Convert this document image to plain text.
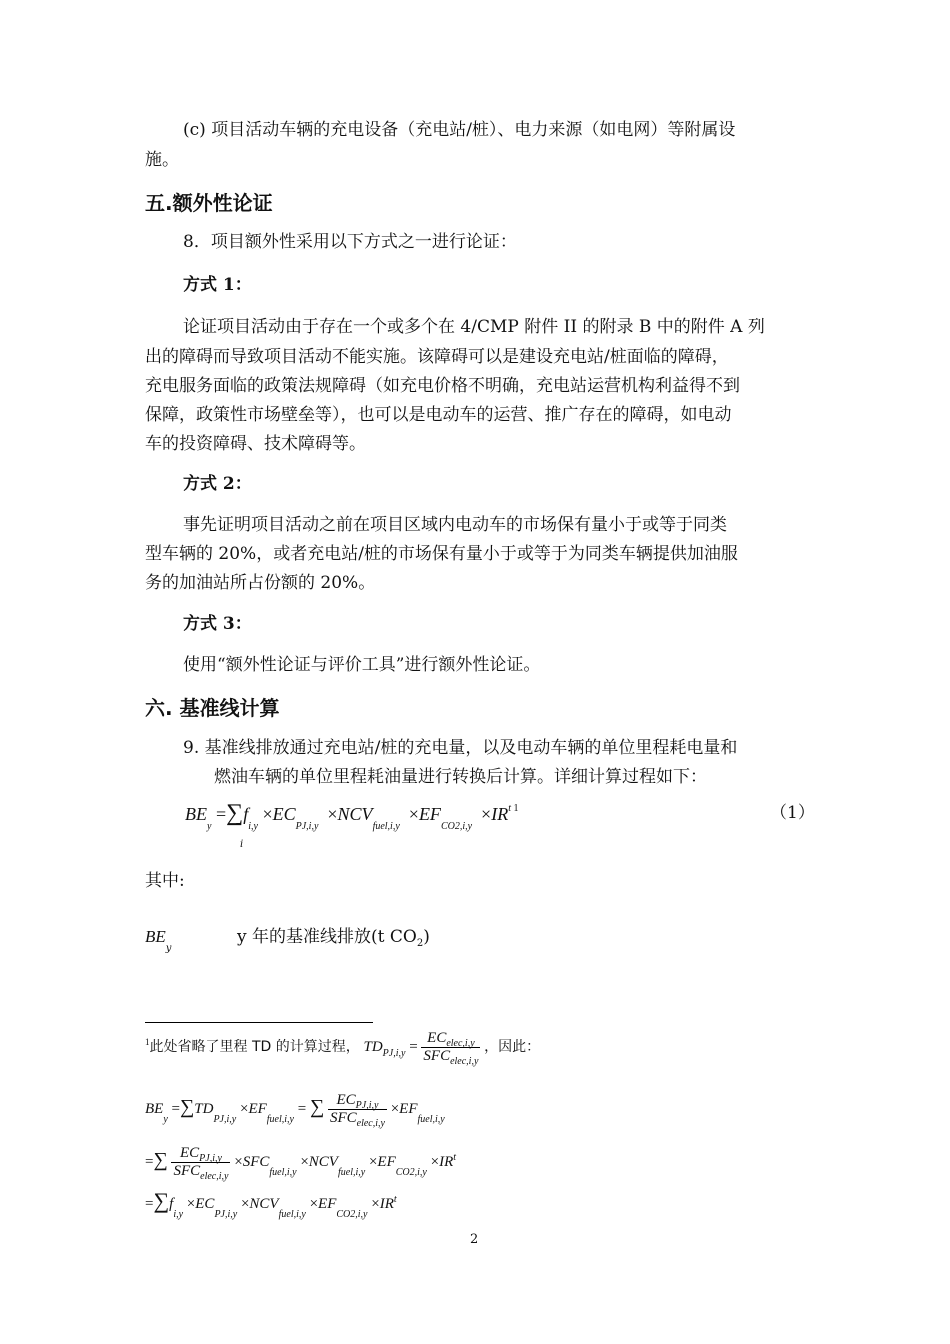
(c) 项目活动车辆的充电设备（充电站/桩）、电力来源（如电网）等附属设

施。

五.额外性论证

8．项目额外性采用以下方式之一进行论证：

方式 1：

论证项目活动由于存在一个或多个在 4/CMP 附件 II 的附录 B 中的附件 A 列

出的障碍而导致项目活动不能实施。该障碍可以是建设充电站/桩面临的障碍，

充电服务面临的政策法规障碍（如充电价格不明确，充电站运营机构利益得不到

保障，政策性市场壁垒等），也可以是电动车的运营、推广存在的障碍，如电动

车的投资障碍、技术障碍等。

方式 2：

事先证明项目活动之前在项目区域内电动车的市场保有量小于或等于同类

型车辆的 20%，或者充电站/桩的市场保有量小于或等于为同类车辆提供加油服

务的加油站所占份额的 20%。

方式 3：

使用“额外性论证与评价工具”进行额外性论证。

六. 基准线计算

9. 基准线排放通过充电站/桩的充电量，以及电动车辆的单位里程耗电量和

燃油车辆的单位里程耗油量进行转换后计算。详细计算过程如下：

$BE_y =\sum f_{i,y} \times EC_{PJ,i,y} \times NCV_{fuel,i,y} \times EF_{CO2,i,y} \times IR^t$ $^1$
i

（1）

其中:

$BE_y$
y 年的基准线排放(t $CO_2$)
$^1$此处省略了里程 TD 的计算过程， $TD_{PJ,i,y} = \frac{EC_{elec,i,y}}{SFC_{elec,i,y}}$ ，因此：
$BE_y =\sum TD_{PJ,i,y} \times EF_{fuel,i,y}$ = ∑ $\frac{EC_{PJ,i,y}}{SFC_{elec,i,y}} \times EF_{fuel,i,y}$
=∑ $\frac{EC_{PJ,i,y}}{SFC_{elec,i,y}} \times SFC_{fuel,i,y} \times NCV_{fuel,i,y} \times EF_{CO2,i,y} \times IR^t$
$=\sum f_{i,y} \times EC_{PJ,i,y} \times NCV_{fuel,i,y} \times EF_{CO2,i,y} \times IR^t$
2
